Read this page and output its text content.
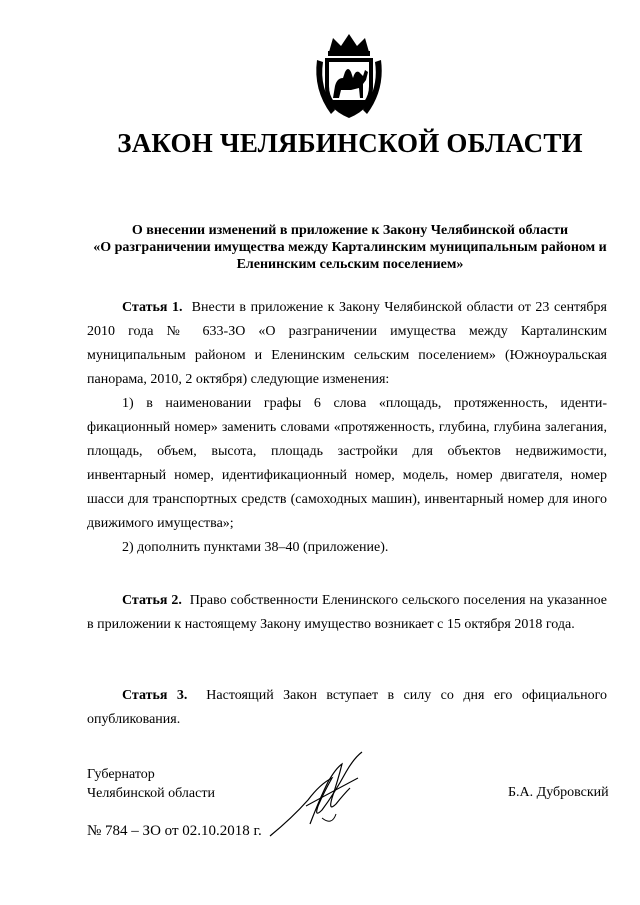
ЗАКОН ЧЕЛЯБИНСКОЙ ОБЛАСТИ
О внесении изменений в приложение к Закону Челябинской области
«О разграничении имущества между Карталинским муниципальным районом и
Еленинским сельским поселением»

Статья 1. Внести в приложение к Закону Челябинской области от 23 сентября 2010 года № 633-ЗО «О разграничении имущества между Карталинским муниципальным районом и Еленинским сельским поселением» (Южноуральская панорама, 2010, 2 октября) следующие изменения:

1) в наименовании графы 6 слова «площадь, протяженность, иденти-фикационный номер» заменить словами «протяженность, глубина, глубина залегания, площадь, объем, высота, площадь застройки для объектов недвижимости, инвентарный номер, идентификационный номер, модель, номер двигателя, номер шасси для транспортных средств (самоходных машин), инвентарный номер для иного движимого имущества»;

2) дополнить пунктами 38–40 (приложение).

Статья 2. Право собственности Еленинского сельского поселения на указанное в приложении к настоящему Закону имущество возникает с 15 октября 2018 года.

Статья 3. Настоящий Закон вступает в силу со дня его официального опубликования.

Губернатор
Челябинской области	Б.А. Дубровский
№ 784 – ЗО от 02.10.2018 г.
